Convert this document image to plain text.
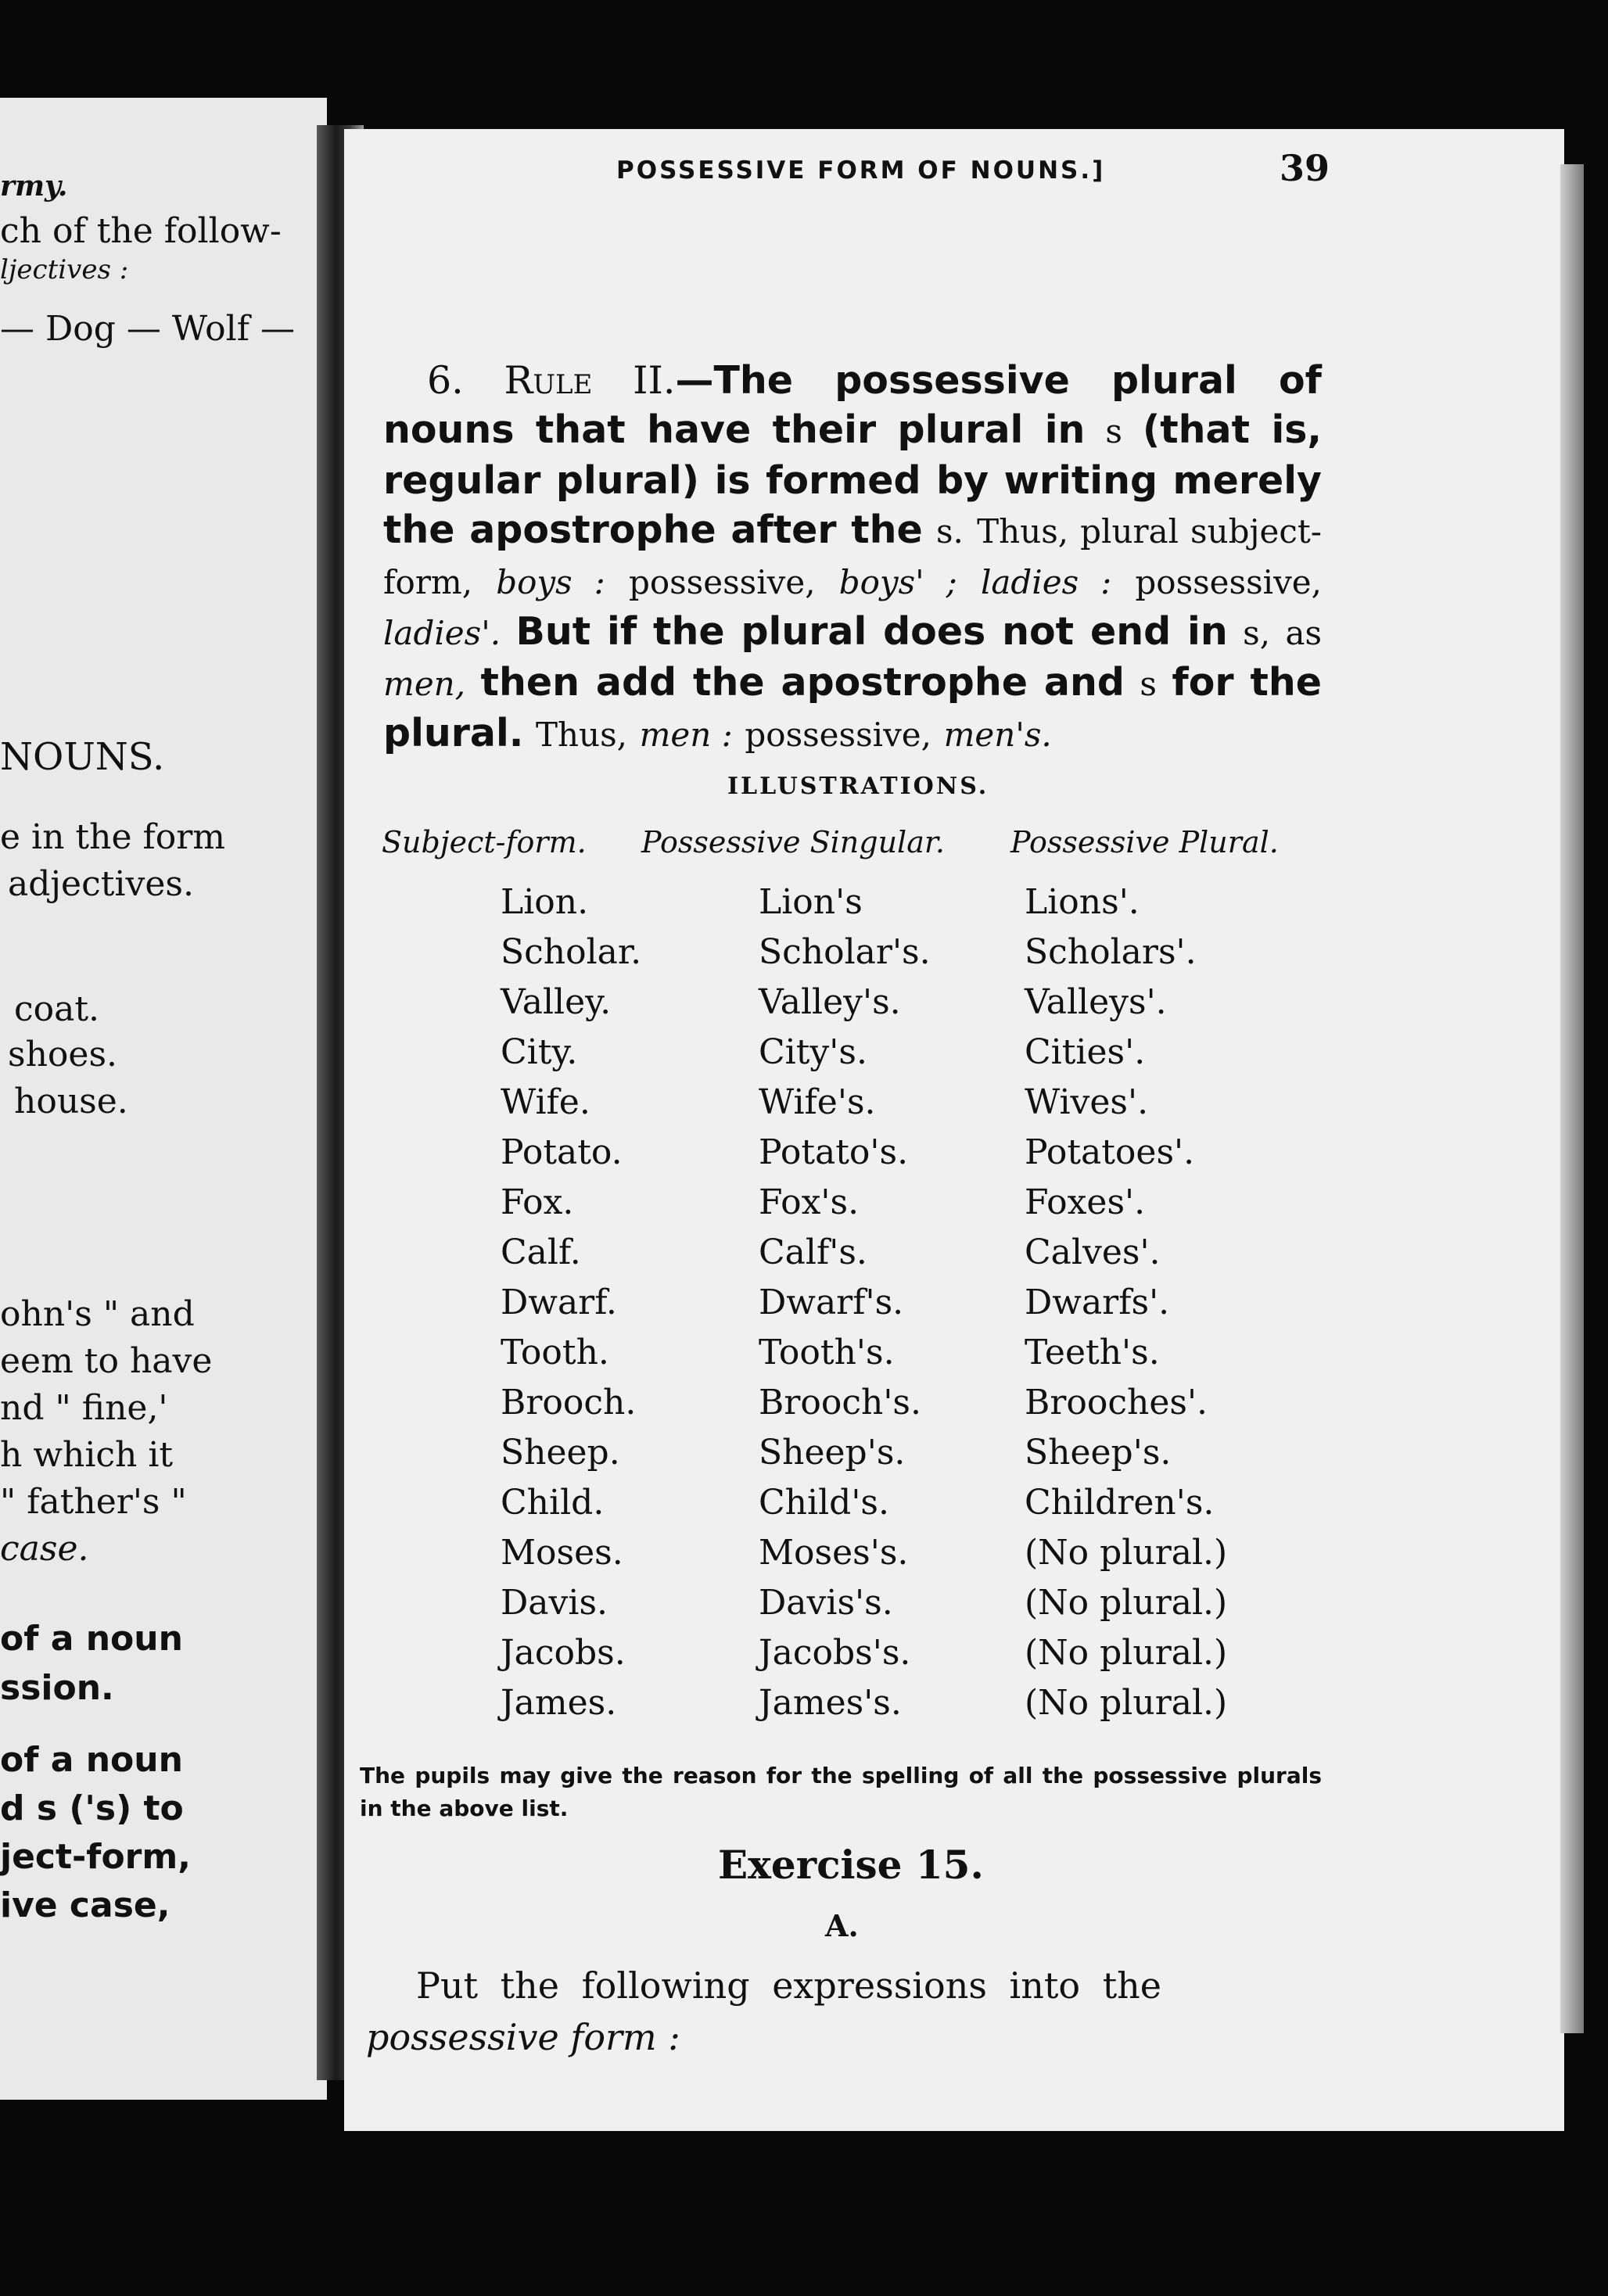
rmy.
ch of the follow-
ljectives :
— Dog — Wolf —
NOUNS.
e in the form
adjectives.
coat.
shoes.
house.
ohn's " and
eem to have
nd " fine,'
h which it
" father's "
case.
of a noun
ssion.
of a noun
d s ('s) to
ject-form,
ive case,
POSSESSIVE FORM OF NOUNS.]	39
6. Rule II.—The possessive plural of nouns that have their plural in s (that is, regular plural) is formed by writing merely the apostrophe after the s. Thus, plural subject-form, boys : possessive, boys' ; ladies : possessive, ladies'. But if the plural does not end in s, as men, then add the apostrophe and s for the plural. Thus, men : possessive, men's.
ILLUSTRATIONS.
Subject-form. Possessive Singular. Possessive Plural.
Lion.	Lion's	Lions'.
Scholar.	Scholar's.	Scholars'.
Valley.	Valley's.	Valleys'.
City.	City's.	Cities'.
Wife.	Wife's.	Wives'.
Potato.	Potato's.	Potatoes'.
Fox.	Fox's.	Foxes'.
Calf.	Calf's.	Calves'.
Dwarf.	Dwarf's.	Dwarfs'.
Tooth.	Tooth's.	Teeth's.
Brooch.	Brooch's.	Brooches'.
Sheep.	Sheep's.	Sheep's.
Child.	Child's.	Children's.
Moses.	Moses's.	(No plural.)
Davis.	Davis's.	(No plural.)
Jacobs.	Jacobs's.	(No plural.)
James.	James's.	(No plural.)
The pupils may give the reason for the spelling of all the possessive plurals in the above list.
Exercise 15.
A.
Put the following expressions into the possessive form :
